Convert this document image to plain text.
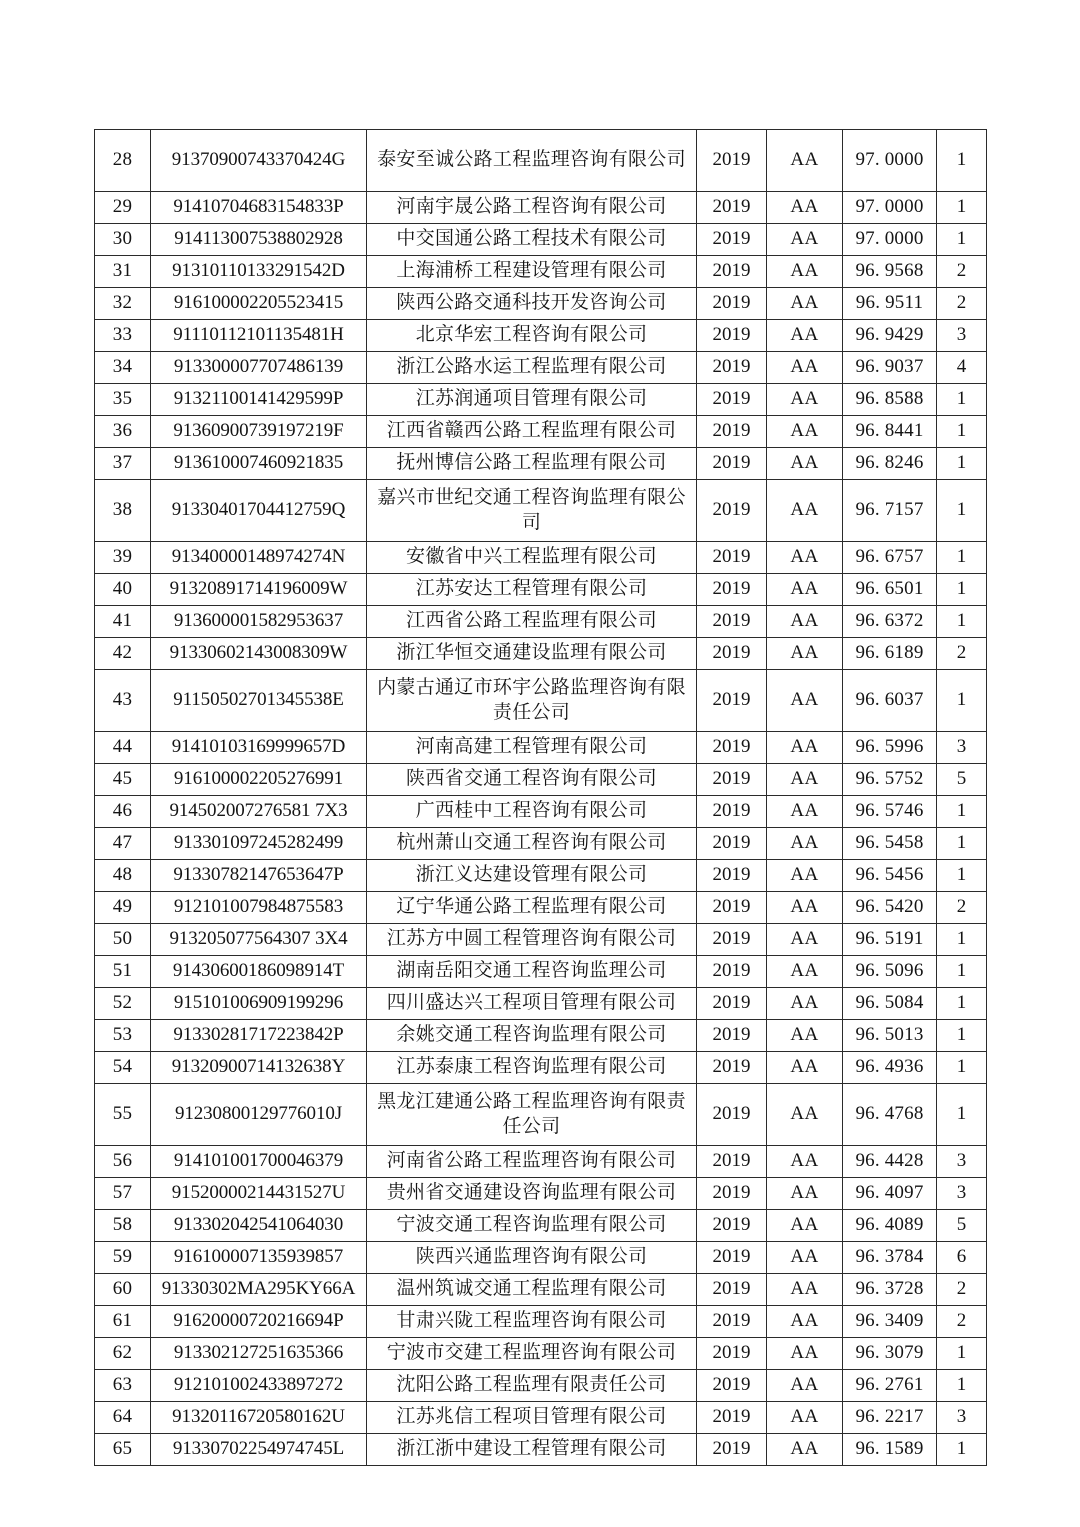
28	91370900743370424G	泰安至诚公路工程监理咨询有限公司	2019	AA	97. 0000	1
29	91410704683154833P	河南宇晟公路工程咨询有限公司	2019	AA	97. 0000	1
30	914113007538802928	中交国通公路工程技术有限公司	2019	AA	97. 0000	1
31	91310110133291542D	上海浦桥工程建设管理有限公司	2019	AA	96. 9568	2
32	916100002205523415	陕西公路交通科技开发咨询公司	2019	AA	96. 9511	2
33	91110112101135481H	北京华宏工程咨询有限公司	2019	AA	96. 9429	3
34	913300007707486139	浙江公路水运工程监理有限公司	2019	AA	96. 9037	4
35	91321100141429599P	江苏润通项目管理有限公司	2019	AA	96. 8588	1
36	91360900739197219F	江西省赣西公路工程监理有限公司	2019	AA	96. 8441	1
37	913610007460921835	抚州博信公路工程监理有限公司	2019	AA	96. 8246	1
38	91330401704412759Q	嘉兴市世纪交通工程咨询监理有限公司	2019	AA	96. 7157	1
39	91340000148974274N	安徽省中兴工程监理有限公司	2019	AA	96. 6757	1
40	91320891714196009W	江苏安达工程管理有限公司	2019	AA	96. 6501	1
41	913600001582953637	江西省公路工程监理有限公司	2019	AA	96. 6372	1
42	91330602143008309W	浙江华恒交通建设监理有限公司	2019	AA	96. 6189	2
43	91150502701345538E	内蒙古通辽市环宇公路监理咨询有限责任公司	2019	AA	96. 6037	1
44	91410103169999657D	河南高建工程管理有限公司	2019	AA	96. 5996	3
45	916100002205276991	陕西省交通工程咨询有限公司	2019	AA	96. 5752	5
46	914502007276581 7X3	广西桂中工程咨询有限公司	2019	AA	96. 5746	1
47	913301097245282499	杭州萧山交通工程咨询有限公司	2019	AA	96. 5458	1
48	91330782147653647P	浙江义达建设管理有限公司	2019	AA	96. 5456	1
49	912101007984875583	辽宁华通公路工程监理有限公司	2019	AA	96. 5420	2
50	913205077564307 3X4	江苏方中圆工程管理咨询有限公司	2019	AA	96. 5191	1
51	91430600186098914T	湖南岳阳交通工程咨询监理公司	2019	AA	96. 5096	1
52	915101006909199296	四川盛达兴工程项目管理有限公司	2019	AA	96. 5084	1
53	91330281717223842P	余姚交通工程咨询监理有限公司	2019	AA	96. 5013	1
54	91320900714132638Y	江苏泰康工程咨询监理有限公司	2019	AA	96. 4936	1
55	91230800129776010J	黑龙江建通公路工程监理咨询有限责任公司	2019	AA	96. 4768	1
56	914101001700046379	河南省公路工程监理咨询有限公司	2019	AA	96. 4428	3
57	91520000214431527U	贵州省交通建设咨询监理有限公司	2019	AA	96. 4097	3
58	913302042541064030	宁波交通工程咨询监理有限公司	2019	AA	96. 4089	5
59	916100007135939857	陕西兴通监理咨询有限公司	2019	AA	96. 3784	6
60	91330302MA295KY66A	温州筑诚交通工程监理有限公司	2019	AA	96. 3728	2
61	91620000720216694P	甘肃兴陇工程监理咨询有限公司	2019	AA	96. 3409	2
62	913302127251635366	宁波市交建工程监理咨询有限公司	2019	AA	96. 3079	1
63	912101002433897272	沈阳公路工程监理有限责任公司	2019	AA	96. 2761	1
64	91320116720580162U	江苏兆信工程项目管理有限公司	2019	AA	96. 2217	3
65	91330702254974745L	浙江浙中建设工程管理有限公司	2019	AA	96. 1589	1
